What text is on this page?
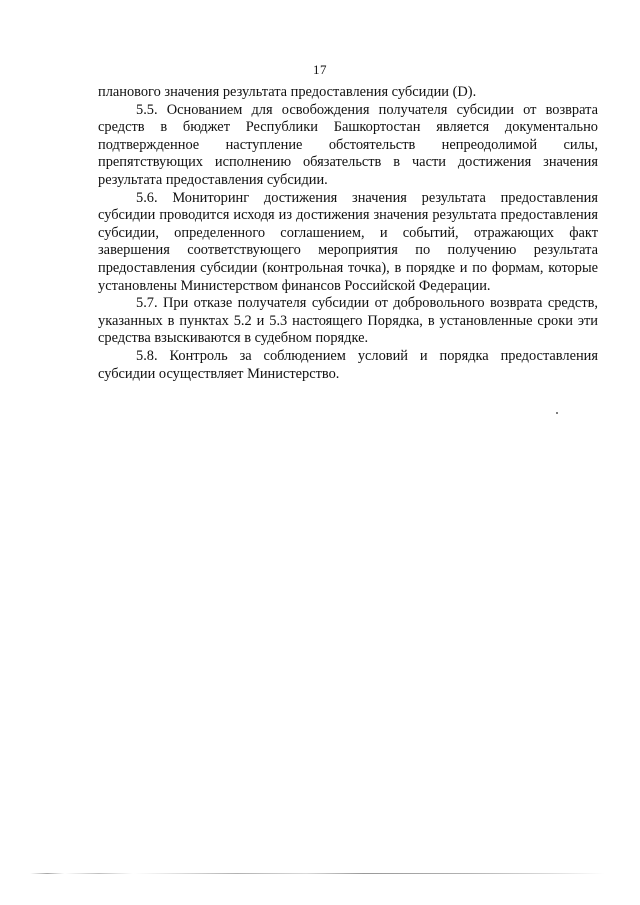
17

планового значения результата предоставления субсидии (D).

5.5. Основанием для освобождения получателя субсидии от возврата средств в бюджет Республики Башкортостан является документально подтвержденное наступление обстоятельств непреодолимой силы, препятствующих исполнению обязательств в части достижения значения результата предоставления субсидии.

5.6. Мониторинг достижения значения результата предоставления субсидии проводится исходя из достижения значения результата предоставления субсидии, определенного соглашением, и событий, отражающих факт завершения соответствующего мероприятия по получению результата предоставления субсидии (контрольная точка), в порядке и по формам, которые установлены Министерством финансов Российской Федерации.

5.7. При отказе получателя субсидии от добровольного возврата средств, указанных в пунктах 5.2 и 5.3 настоящего Порядка, в установленные сроки эти средства взыскиваются в судебном порядке.

5.8. Контроль за соблюдением условий и порядка предоставления субсидии осуществляет Министерство.
